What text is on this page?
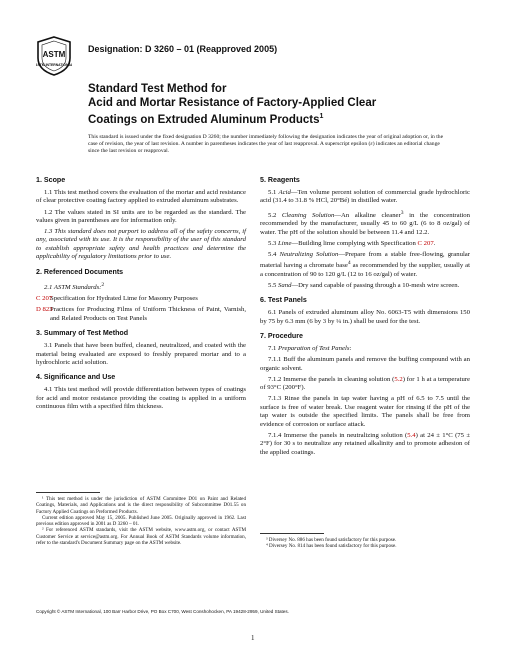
ASTM
ASTM INTERNATIONAL
Designation: D 3260 – 01 (Reapproved 2005)
Standard Test Method for
Acid and Mortar Resistance of Factory-Applied Clear
Coatings on Extruded Aluminum Products$^1$
This standard is issued under the fixed designation D 3260; the number immediately following the designation indicates the year of original adoption or, in the case of revision, the year of last revision. A number in parentheses indicates the year of last reapproval. A superscript epsilon (ε) indicates an editorial change since the last revision or reapproval.
1. Scope

1.1 This test method covers the evaluation of the mortar and acid resistance of clear protective coating factory applied to extruded aluminum substrates.

1.2 The values stated in SI units are to be regarded as the standard. The values given in parentheses are for information only.

1.3 This standard does not purport to address all of the safety concerns, if any, associated with its use. It is the responsibility of the user of this standard to establish appropriate safety and health practices and determine the applicability of regulatory limitations prior to use.

2. Referenced Documents

2.1 ASTM Standards:$^2$

C 207
Specification for Hydrated Lime for Masonry Purposes

D 823
Practices for Producing Films of Uniform Thickness of Paint, Varnish, and Related Products on Test Panels

3. Summary of Test Method

3.1 Panels that have been buffed, cleaned, neutralized, and coated with the material being evaluated are exposed to freshly prepared mortar and to a hydrochloric acid solution.

4. Significance and Use

4.1 This test method will provide differentiation between types of coatings for acid and motor resistance providing the coating is applied in a uniform continuous film with a specified film thickness.

5. Reagents

5.1 Acid—Ten volume percent solution of commercial grade hydrochloric acid (31.4 to 31.8 % HCl, 20°Bé) in distilled water.

5.2 Cleaning Solution—An alkaline cleaner$^3$ in the concentration recommended by the manufacturer, usually 45 to 60 g/L (6 to 8 oz/gal) of water. The pH of the solution should be between 11.4 and 12.2.

5.3 Lime—Building lime complying with Specification C 207.

5.4 Neutralizing Solution—Prepare from a stable free-flowing, granular material having a chromate base$^4$ as recommended by the supplier, usually at a concentration of 90 to 120 g/L (12 to 16 oz/gal) of water.

5.5 Sand—Dry sand capable of passing through a 10-mesh wire screen.

6. Test Panels

6.1 Panels of extruded aluminum alloy No. 6063-T5 with dimensions 150 by 75 by 6.3 mm (6 by 3 by ¼ in.) shall be used for the test.

7. Procedure

7.1 Preparation of Test Panels:

7.1.1 Buff the aluminum panels and remove the buffing compound with an organic solvent.

7.1.2 Immerse the panels in cleaning solution (5.2) for 1 h at a temperature of 93°C (200°F).

7.1.3 Rinse the panels in tap water having a pH of 6.5 to 7.5 until the surface is free of water break. Use reagent water for rinsing if the pH of the tap water is outside the specified limits. The panels shall be free from evidence of corrosion or surface attack.

7.1.4 Immerse the panels in neutralizing solution (5.4) at 24 ± 1°C (75 ± 2°F) for 30 s to neutralize any retained alkalinity and to promote adhesion of the applied coatings.

¹ This test method is under the jurisdiction of ASTM Committee D01 on Paint and Related Coatings, Materials, and Applications and is the direct responsibility of Subcommittee D01.55 on Factory Applied Coatings on Preformed Products.
Current edition approved May 15, 2005. Published June 2005. Originally approved in 1962. Last previous edition approved in 2001 as D 3260 – 01.
² For referenced ASTM standards, visit the ASTM website, www.astm.org, or contact ASTM Customer Service at service@astm.org. For Annual Book of ASTM Standards volume information, refer to the standard's Document Summary page on the ASTM website.
³ Diversey No. 886 has been found satisfactory for this purpose.
⁴ Diversey No. 814 has been found satisfactory for this purpose.
Copyright © ASTM International, 100 Barr Harbor Drive, PO Box C700, West Conshohocken, PA 19428-2959, United States.
1
